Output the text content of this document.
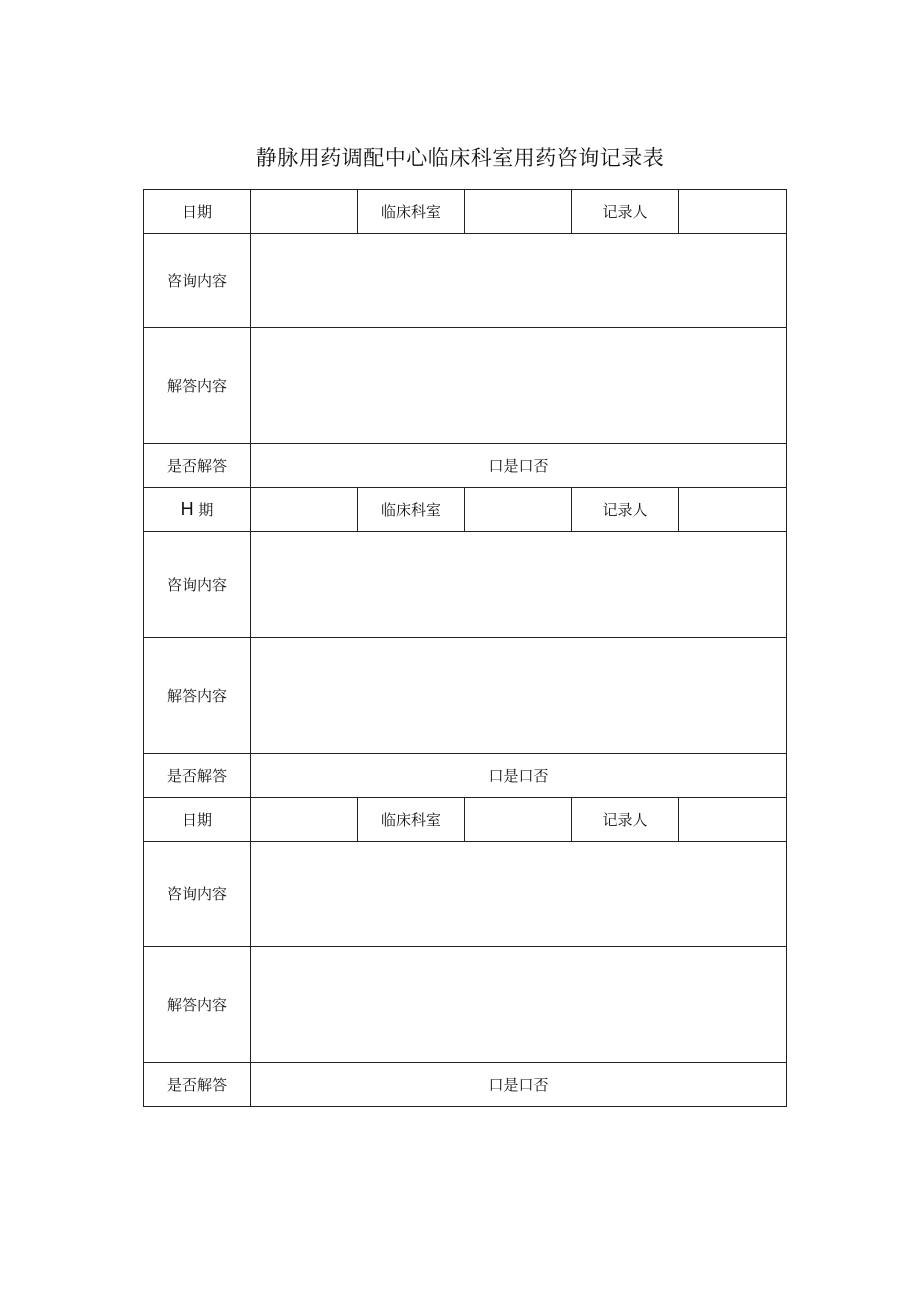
静脉用药调配中心临床科室用药咨询记录表
日期		临床科室		记录人	
咨询内容					
解答内容					
是否解答	口是口否				
H 期		临床科室		记录人	
咨询内容					
解答内容					
是否解答	口是口否				
日期		临床科室		记录人	
咨询内容					
解答内容					
是否解答	口是口否				
